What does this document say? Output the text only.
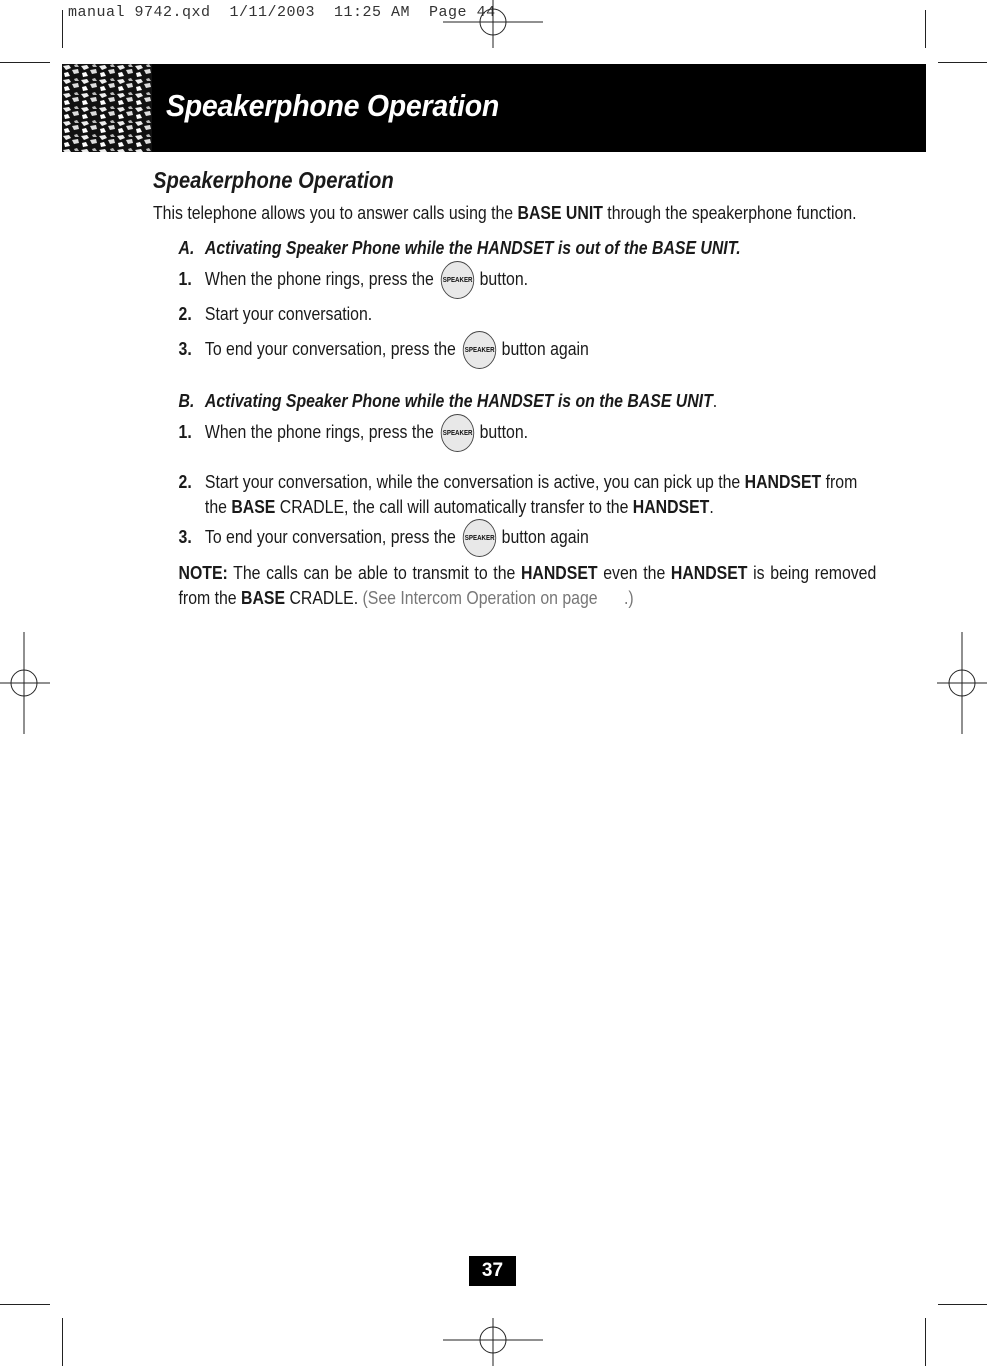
manual 9742.qxd  1/11/2003  11:25 AM  Page 44
Speakerphone Operation
Speakerphone Operation
This telephone allows you to answer calls using the BASE UNIT through the speakerphone function.
A. Activating Speaker Phone while the HANDSET is out of the BASE UNIT.
1. When the phone rings, press the SPEAKER button.
2. Start your conversation.
3. To end your conversation, press the SPEAKER button again
B. Activating Speaker Phone while the HANDSET is on the BASE UNIT.
1. When the phone rings, press the SPEAKER button.
2. Start your conversation, while the conversation is active, you can pick up the HANDSET from the BASE CRADLE, the call will automatically transfer to the HANDSET.
3. To end your conversation, press the SPEAKER button again
NOTE: The calls can be able to transmit to the HANDSET even the HANDSET is being removed from the BASE CRADLE. (See Intercom Operation on page      .)
37
